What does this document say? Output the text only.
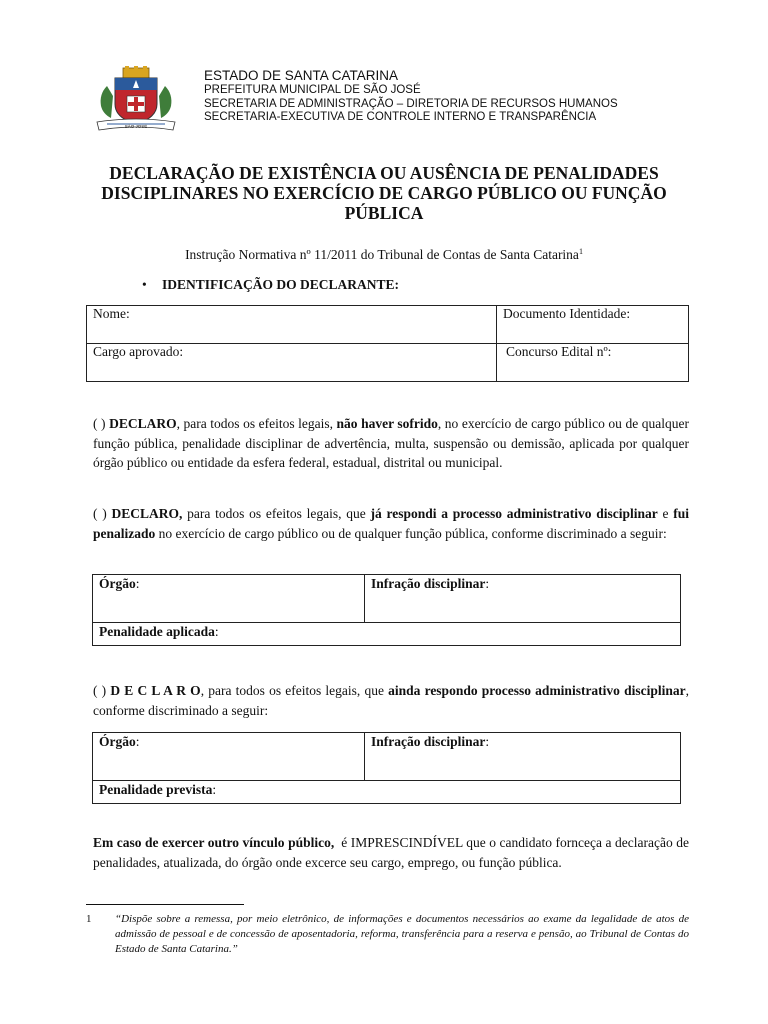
SÃO JOSÉ
ESTADO DE SANTA CATARINA
PREFEITURA MUNICIPAL DE SÃO JOSÉ
SECRETARIA DE ADMINISTRAÇÃO – DIRETORIA DE RECURSOS HUMANOS
SECRETARIA-EXECUTIVA DE CONTROLE INTERNO E TRANSPARÊNCIA
DECLARAÇÃO DE EXISTÊNCIA OU AUSÊNCIA DE PENALIDADES
DISCIPLINARES NO EXERCÍCIO DE CARGO PÚBLICO OU FUNÇÃO
PÚBLICA
Instrução Normativa nº 11/2011 do Tribunal de Contas de Santa Catarina$^1$
• IDENTIFICAÇÃO DO DECLARANTE:
Nome:	Documento Identidade:
Cargo aprovado:	Concurso Edital nº:
( ) DECLARO, para todos os efeitos legais, não haver sofrido, no exercício de cargo público ou de qualquer função pública, penalidade disciplinar de advertência, multa, suspensão ou demissão, aplicada por qualquer órgão público ou entidade da esfera federal, estadual, distrital ou municipal.
( ) DECLARO, para todos os efeitos legais, que já respondi a processo administrativo disciplinar e fui penalizado no exercício de cargo público ou de qualquer função pública, conforme discriminado a seguir:
Órgão:	Infração disciplinar:
Penalidade aplicada:
( ) D E C L A R O, para todos os efeitos legais, que ainda respondo processo administrativo disciplinar, conforme discriminado a seguir:
Órgão:	Infração disciplinar:
Penalidade prevista:
Em caso de exercer outro vínculo público,  é IMPRESCINDÍVEL que o candidato fornceça a declaração de penalidades, atualizada, do órgão onde excerce seu cargo, emprego, ou função pública.
1 “Dispõe sobre a remessa, por meio eletrônico, de informações e documentos necessários ao exame da legalidade de atos de admissão de pessoal e de concessão de aposentadoria, reforma, transferência para a reserva e pensão, ao Tribunal de Contas do Estado de Santa Catarina.”
